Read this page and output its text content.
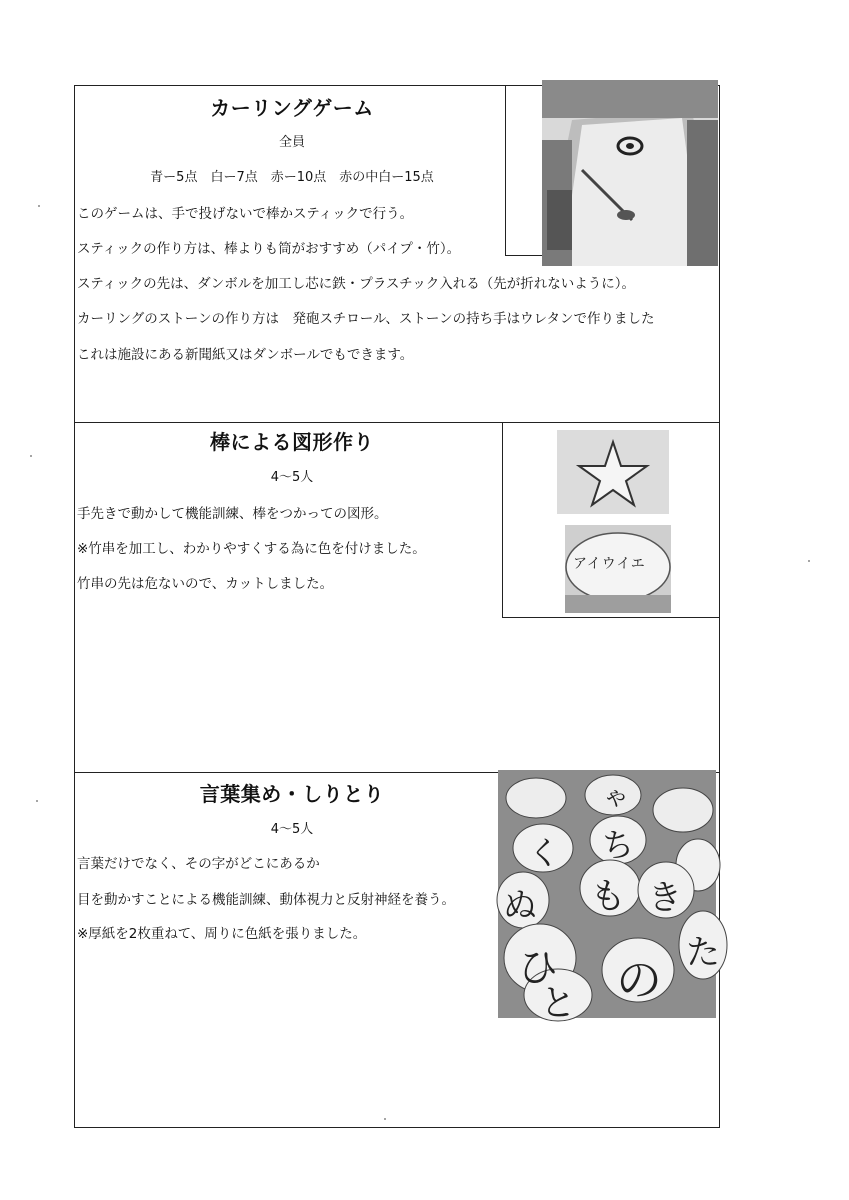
カーリングゲーム
全員
青ー5点　白ー7点　赤ー10点　赤の中白ー15点
このゲームは、手で投げないで棒かスティックで行う。
スティックの作り方は、棒よりも筒がおすすめ（パイプ・竹）。
スティックの先は、ダンボルを加工し芯に鉄・プラスチック入れる（先が折れないように）。
カーリングのストーンの作り方は　発砲スチロール、ストーンの持ち手はウレタンで作りました
これは施設にある新聞紙又はダンボールでもできます。
棒による図形作り
4～5人
手先きで動かして機能訓練、棒をつかっての図形。
※竹串を加工し、わかりやすくする為に色を付けました。
竹串の先は危ないので、カットしました。
アイウイエ
言葉集め・しりとり
4～5人
言葉だけでなく、その字がどこにあるか
目を動かすことによる機能訓練、動体視力と反射神経を養う。
※厚紙を2枚重ねて、周りに色紙を張りました。
ぬ
ひ
も き
た
の
と
ち
く
ゃ
